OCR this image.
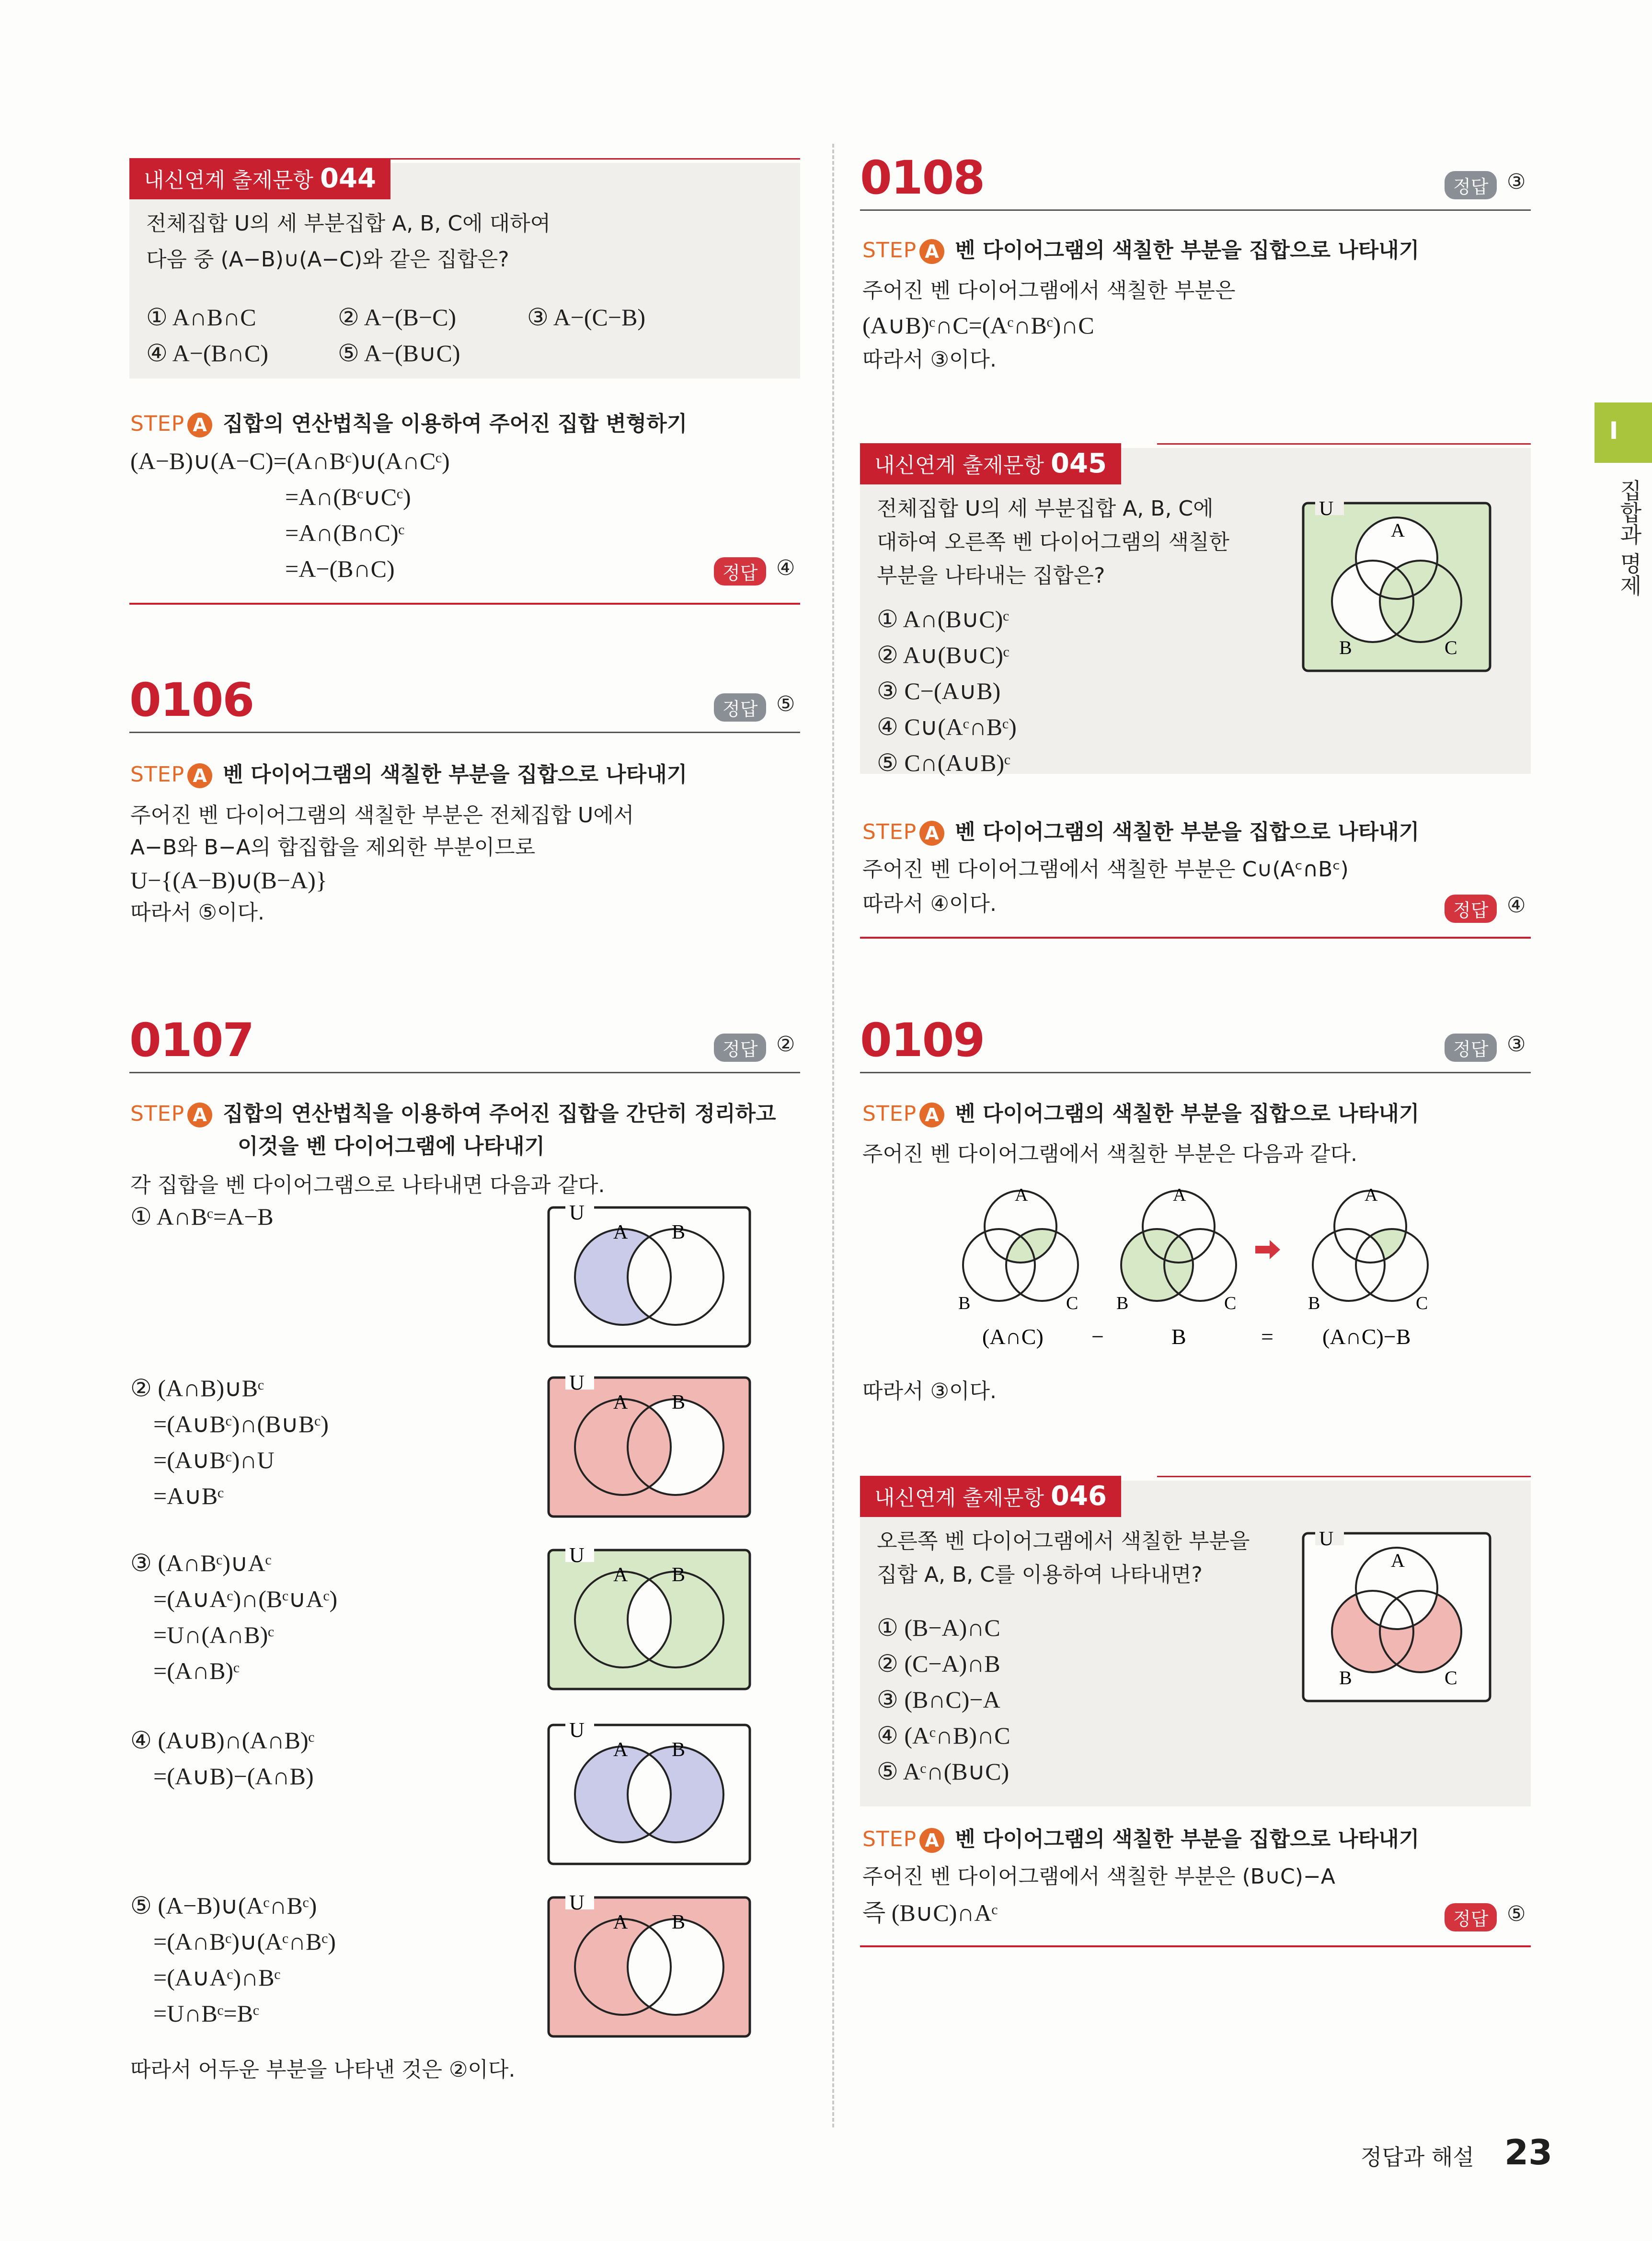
I
집합과 명제
내신연계 출제문항 044
전체집합 U의 세 부분집합 A, B, C에 대하여
다음 중 (A−B)∪(A−C)와 같은 집합은?
① A∩B∩C	② A−(B−C)	③ A−(C−B)
④ A−(B∩C)	⑤ A−(B∪C)
STEP A 집합의 연산법칙을 이용하여 주어진 집합 변형하기
(A−B)∪(A−C)=(A∩Bᶜ)∪(A∩Cᶜ)
=A∩(Bᶜ∪Cᶜ)
=A∩(B∩C)ᶜ
=A−(B∩C)	정답 ④
0106	정답 ⑤
STEP A 벤 다이어그램의 색칠한 부분을 집합으로 나타내기
주어진 벤 다이어그램의 색칠한 부분은 전체집합 U에서
A−B와 B−A의 합집합을 제외한 부분이므로
U−{(A−B)∪(B−A)}
따라서 ⑤이다.
0107	정답 ②
STEP A 집합의 연산법칙을 이용하여 주어진 집합을 간단히 정리하고
이것을 벤 다이어그램에 나타내기
각 집합을 벤 다이어그램으로 나타내면 다음과 같다.
① A∩Bᶜ=A−B
② (A∩B)∪Bᶜ
=(A∪Bᶜ)∩(B∪Bᶜ)
=(A∪Bᶜ)∩U
=A∪Bᶜ
③ (A∩Bᶜ)∪Aᶜ
=(A∪Aᶜ)∩(Bᶜ∪Aᶜ)
=U∩(A∩B)ᶜ
=(A∩B)ᶜ
④ (A∪B)∩(A∩B)ᶜ
=(A∪B)−(A∩B)
⑤ (A−B)∪(Aᶜ∩Bᶜ)
=(A∩Bᶜ)∪(Aᶜ∩Bᶜ)
=(A∪Aᶜ)∩Bᶜ
=U∩Bᶜ=Bᶜ
따라서 어두운 부분을 나타낸 것은 ②이다.
U
A B
U
A B
U
A B
U
A B
U
A B
0108	정답 ③
STEP A 벤 다이어그램의 색칠한 부분을 집합으로 나타내기
주어진 벤 다이어그램에서 색칠한 부분은
(A∪B)ᶜ∩C=(Aᶜ∩Bᶜ)∩C
따라서 ③이다.
내신연계 출제문항 045
전체집합 U의 세 부분집합 A, B, C에
대하여 오른쪽 벤 다이어그램의 색칠한
부분을 나타내는 집합은?
① A∩(B∪C)ᶜ
② A∪(B∪C)ᶜ
③ C−(A∪B)
④ C∪(Aᶜ∩Bᶜ)
⑤ C∩(A∪B)ᶜ
U
A
B	C
STEP A 벤 다이어그램의 색칠한 부분을 집합으로 나타내기
주어진 벤 다이어그램에서 색칠한 부분은 C∪(Aᶜ∩Bᶜ)
따라서 ④이다.	정답 ④
0109	정답 ③
STEP A 벤 다이어그램의 색칠한 부분을 집합으로 나타내기
주어진 벤 다이어그램에서 색칠한 부분은 다음과 같다.
A
B	C
A
B	C
A
B	C
(A∩C) −	B	= (A∩C)−B
따라서 ③이다.
내신연계 출제문항 046
오른쪽 벤 다이어그램에서 색칠한 부분을
집합 A, B, C를 이용하여 나타내면?
① (B−A)∩C
② (C−A)∩B
③ (B∩C)−A
④ (Aᶜ∩B)∩C
⑤ Aᶜ∩(B∪C)
U
A
B	C
STEP A 벤 다이어그램의 색칠한 부분을 집합으로 나타내기
주어진 벤 다이어그램에서 색칠한 부분은 (B∪C)−A
즉 (B∪C)∩Aᶜ	정답 ⑤
정답과 해설 23
